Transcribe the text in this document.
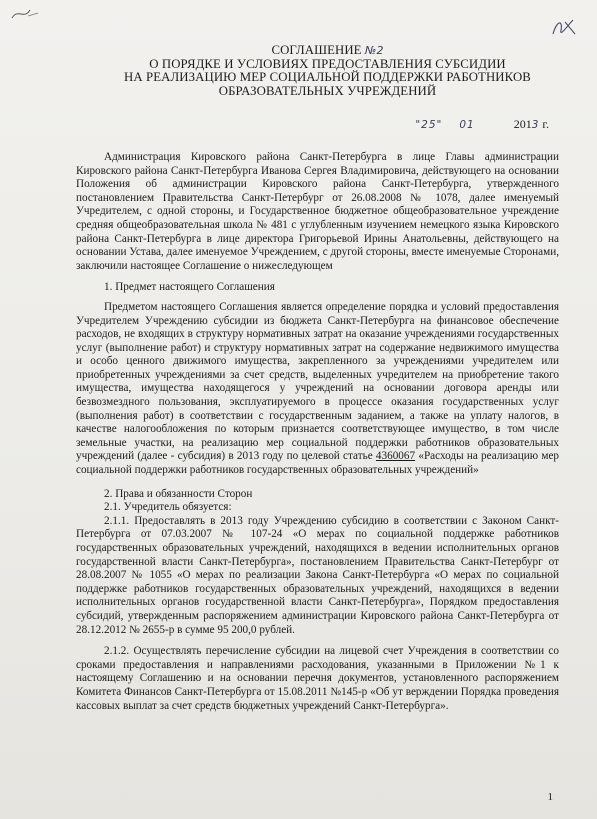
СОГЛАШЕНИЕ №2
О ПОРЯДКЕ И УСЛОВИЯХ ПРЕДОСТАВЛЕНИЯ СУБСИДИИ
НА РЕАЛИЗАЦИЮ МЕР СОЦИАЛЬНОЙ ПОДДЕРЖКИ РАБОТНИКОВ
ОБРАЗОВАТЕЛЬНЫХ УЧРЕЖДЕНИЙ
"25" 01	2013 г.

Администрация Кировского района Санкт-Петербурга в лице Главы администрации Кировского района Санкт-Петербурга Иванова Сергея Владимировича, действующего на основании Положения об администрации Кировского района Санкт-Петербурга, утвержденного постановлением Правительства Санкт-Петербург от 26.08.2008 № 1078, далее именуемый Учредителем, с одной стороны, и Государственное бюджетное общеобразовательное учреждение средняя общеобразовательная школа № 481 с углубленным изучением немецкого языка Кировского района Санкт-Петербурга в лице директора Григорьевой Ирины Анатольевны, действующего на основании Устава, далее именуемое Учреждением, с другой стороны, вместе именуемые Сторонами, заключили настоящее Соглашение о нижеследующем

1. Предмет настоящего Соглашения

Предметом настоящего Соглашения является определение порядка и условий предоставления Учредителем Учреждению субсидии из бюджета Санкт-Петербурга на финансовое обеспечение расходов, не входящих в структуру нормативных затрат на оказание учреждениями государственных услуг (выполнение работ) и структуру нормативных затрат на содержание недвижимого имущества и особо ценного движимого имущества, закрепленного за учреждениями учредителем или приобретенных учреждениями за счет средств, выделенных учредителем на приобретение такого имущества, имущества находящегося у учреждений на основании договора аренды или безвозмездного пользования, эксплуатируемого в процессе оказания государственных услуг (выполнения работ) в соответствии с государственным заданием, а также на уплату налогов, в качестве налогообложения по которым признается соответствующее имущество, в том числе земельные участки, на реализацию мер социальной поддержки работников образовательных учреждений (далее - субсидия) в 2013 году по целевой статье 4360067 «Расходы на реализацию мер социальной поддержки работников государственных образовательных учреждений»

2. Права и обязанности Сторон
2.1. Учредитель обязуется:

2.1.1. Предоставлять в 2013 году Учреждению субсидию в соответствии с Законом Санкт-Петербурга от 07.03.2007 № 107-24 «О мерах по социальной поддержке работников государственных образовательных учреждений, находящихся в ведении исполнительных органов государственной власти Санкт-Петербурга», постановлением Правительства Санкт-Петербург от 28.08.2007 № 1055 «О мерах по реализации Закона Санкт-Петербурга «О мерах по социальной поддержке работников государственных образовательных учреждений, находящихся в ведении исполнительных органов государственной власти Санкт-Петербурга», Порядком предоставления субсидий, утвержденным распоряжением администрации Кировского района Санкт-Петербурга от 28.12.2012 № 2655-р в сумме 95 200,0 рублей.

2.1.2. Осуществлять перечисление субсидии на лицевой счет Учреждения в соответствии со сроками предоставления и направлениями расходования, указанными в Приложении №1 к настоящему Соглашению и на основании перечня документов, установленного распоряжением Комитета Финансов Санкт-Петербурга от 15.08.2011 №145-р «Об ут верждении Порядка проведения кассовых выплат за счет средств бюджетных учреждений Санкт-Петербурга».

1
